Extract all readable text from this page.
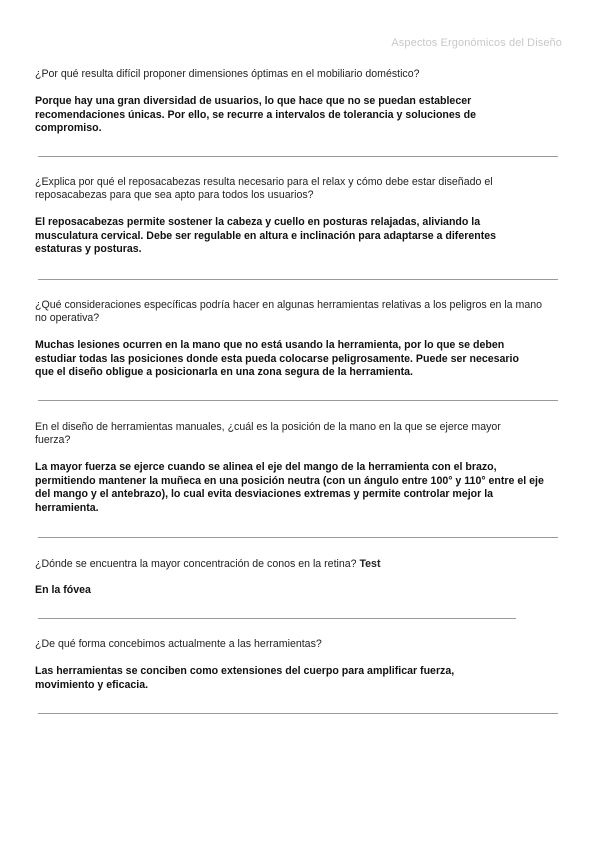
Aspectos Ergonómicos del Diseño

¿Por qué resulta difícil proponer dimensiones óptimas en el mobiliario doméstico?

Porque hay una gran diversidad de usuarios, lo que hace que no se puedan establecer recomendaciones únicas. Por ello, se recurre a intervalos de tolerancia y soluciones de compromiso.

¿Explica por qué el reposacabezas resulta necesario para el relax y cómo debe estar diseñado el reposacabezas para que sea apto para todos los usuarios?

El reposacabezas permite sostener la cabeza y cuello en posturas relajadas, aliviando la musculatura cervical. Debe ser regulable en altura e inclinación para adaptarse a diferentes estaturas y posturas.

¿Qué consideraciones específicas podría hacer en algunas herramientas relativas a los peligros en la mano no operativa?

Muchas lesiones ocurren en la mano que no está usando la herramienta, por lo que se deben estudiar todas las posiciones donde esta pueda colocarse peligrosamente. Puede ser necesario que el diseño obligue a posicionarla en una zona segura de la herramienta.

En el diseño de herramientas manuales, ¿cuál es la posición de la mano en la que se ejerce mayor fuerza?

La mayor fuerza se ejerce cuando se alinea el eje del mango de la herramienta con el brazo, permitiendo mantener la muñeca en una posición neutra (con un ángulo entre 100° y 110° entre el eje del mango y el antebrazo), lo cual evita desviaciones extremas y permite controlar mejor la herramienta.

¿Dónde se encuentra la mayor concentración de conos en la retina? Test

En la fóvea

¿De qué forma concebimos actualmente a las herramientas?

Las herramientas se conciben como extensiones del cuerpo para amplificar fuerza, movimiento y eficacia.
